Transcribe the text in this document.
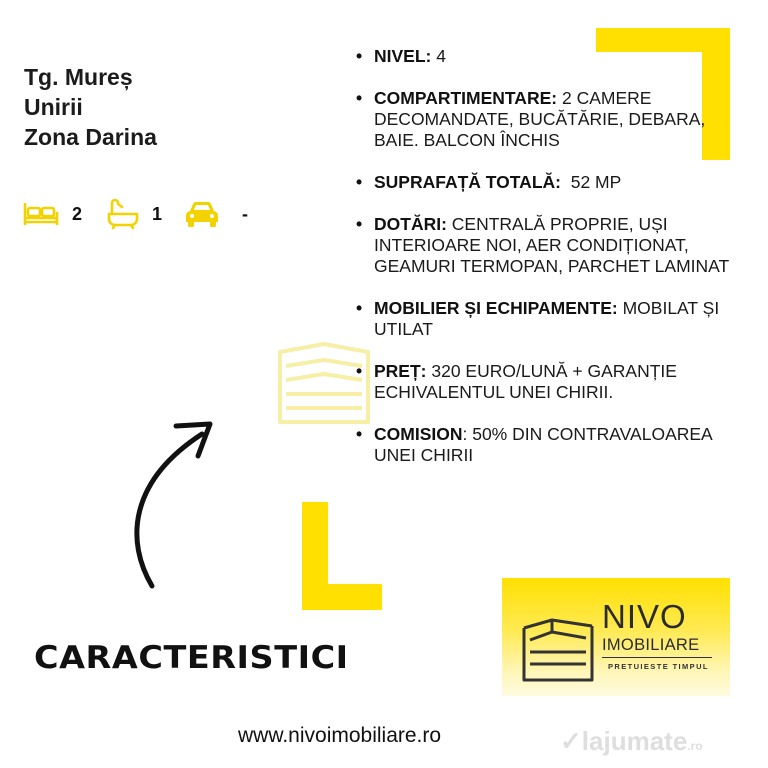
Tg. Mureș
Unirii
Zona Darina
2	1	-
• NIVEL: 4
• COMPARTIMENTARE: 2 CAMERE DECOMANDATE, BUCĂTĂRIE, DEBARA, BAIE. BALCON ÎNCHIS
• SUPRAFAȚĂ TOTALĂ: 52 MP
• DOTĂRI: CENTRALĂ PROPRIE, UȘI INTERIOARE NOI, AER CONDIȚIONAT, GEAMURI TERMOPAN, PARCHET LAMINAT
• MOBILIER ȘI ECHIPAMENTE: MOBILAT ȘI UTILAT
• PREȚ: 320 EURO/LUNĂ + GARANȚIE ECHIVALENTUL UNEI CHIRII.
• COMISION: 50% DIN CONTRAVALOAREA UNEI CHIRII
CARACTERISTICI
NIVO
IMOBILIARE
PRETUIESTE TIMPUL
www.nivoimobiliare.ro	✓lajumate.ro
